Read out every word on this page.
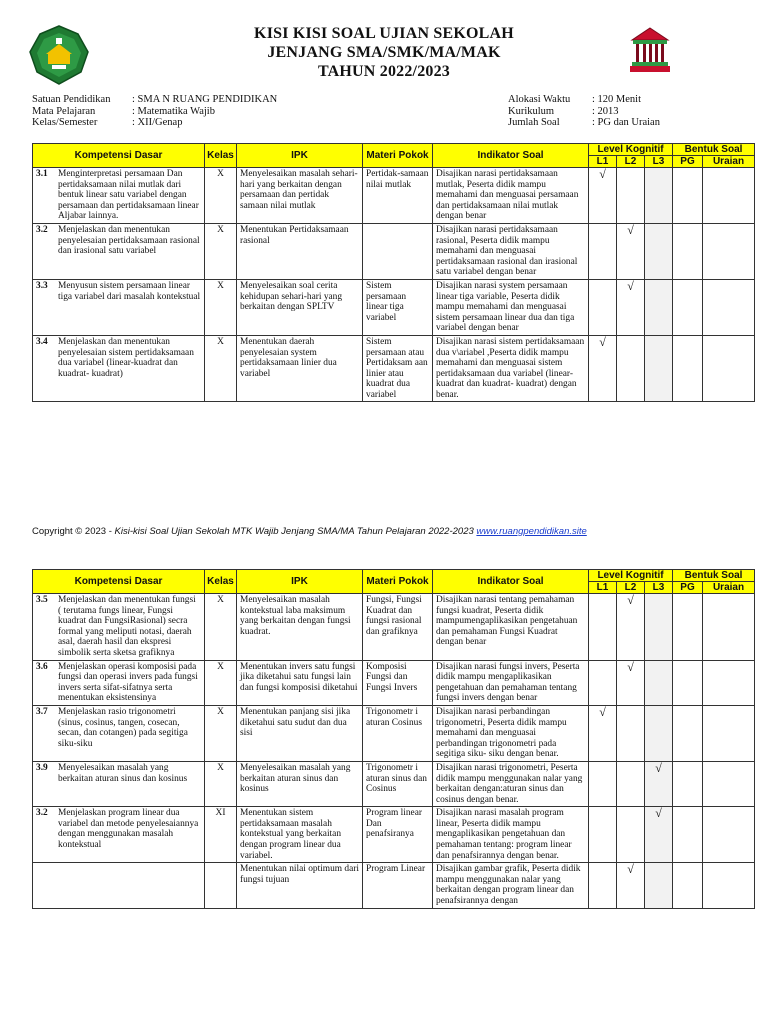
KISI KISI SOAL UJIAN SEKOLAH
JENJANG SMA/SMK/MA/MAK
TAHUN 2022/2023
Satuan Pendidikan	: SMA N RUANG PENDIDIKAN
Mata Pelajaran	: Matematika Wajib
Kelas/Semester	: XII/Genap
Alokasi Waktu	: 120 Menit
Kurikulum	: 2013
Jumlah Soal	: PG dan Uraian
Kompetensi Dasar	Kelas	IPK	Materi Pokok	Indikator Soal	Level Kognitif			Bentuk Soal	
					L1	L2	L3	PG	Uraian

3.1 Menginterpretasi persamaan Dan pertidaksamaan nilai mutlak dari bentuk linear satu variabel dengan persamaan dan pertidaksamaan linear Aljabar lainnya.	X	Menyelesaikan masalah sehari-hari yang berkaitan dengan persamaan dan pertidak samaan nilai mutlak	Pertidak-samaan nilai mutlak	Disajikan narasi pertidaksamaan mutlak, Peserta didik mampu memahami dan menguasai persamaan dan pertidaksamaan nilai mutlak dengan benar	√				

3.2 Menjelaskan dan menentukan penyelesaian pertidaksamaan rasional dan irasional satu variabel	X	Menentukan Pertidaksamaan rasional		Disajikan narasi pertidaksamaan rasional, Peserta didik mampu memahami dan menguasai pertidaksamaan rasional dan irasional satu variabel dengan benar		√			

3.3 Menyusun sistem persamaan linear tiga variabel dari masalah kontekstual	X	Menyelesaikan soal cerita kehidupan sehari-hari yang berkaitan dengan SPLTV	Sistem persamaan linear tiga variabel	Disajikan narasi system persamaan linear tiga variable, Peserta didik mampu memahami dan menguasai sistem persamaan linear dua dan tiga variabel dengan benar		√			

3.4 Menjelaskan dan menentukan penyelesaian sistem pertidaksamaan dua variabel (linear-kuadrat dan kuadrat- kuadrat)	X	Menentukan daerah penyelesaian system pertidaksamaan linier dua variabel	Sistem persamaan atau Pertidaksam aan linier atau kuadrat dua variabel	Disajikan narasi sistem pertidaksamaan dua v\ariabel ,Peserta didik mampu memahami dan menguasai sistem pertidaksamaan dua variabel (linear-kuadrat dan kuadrat- kuadrat) dengan benar.	√				
Copyright © 2023 - Kisi-kisi Soal Ujian Sekolah MTK Wajib Jenjang SMA/MA Tahun Pelajaran 2022-2023 www.ruangpendidikan.site
Kompetensi Dasar	Kelas	IPK	Materi Pokok	Indikator Soal	Level Kognitif			Bentuk Soal	
					L1	L2	L3	PG	Uraian

3.5 Menjelaskan dan menentukan fungsi ( terutama fungs linear, Fungsi kuadrat dan FungsiRasional) secra formal yang meliputi notasi, daerah asal, daerah hasil dan ekspresi simbolik serta sketsa grafiknya	X	Menyelesaikan masalah kontekstual laba maksimum yang berkaitan dengan fungsi kuadrat.	Fungsi, Fungsi Kuadrat dan fungsi rasional dan grafiknya	Disajikan narasi tentang pemahaman fungsi kuadrat, Peserta didik mampumengaplikasikan pengetahuan dan pemahaman Fungsi Kuadrat dengan benar		√			

3.6 Menjelaskan operasi komposisi pada fungsi dan operasi invers pada fungsi invers serta sifat-sifatnya serta menentukan eksistensinya	X	Menentukan invers satu fungsi jika diketahui satu fungsi lain dan fungsi komposisi diketahui	Komposisi Fungsi dan Fungsi Invers	Disajikan narasi fungsi invers, Peserta didik mampu mengaplikasikan pengetahuan dan pemahaman tentang fungsi invers dengan benar		√			

3.7 Menjelaskan rasio trigonometri (sinus, cosinus, tangen, cosecan, secan, dan cotangen) pada segitiga siku-siku	X	Menentukan panjang sisi jika diketahui satu sudut dan dua sisi	Trigonometr i aturan Cosinus	Disajikan narasi perbandingan trigonometri, Peserta didik mampu memahami dan menguasai perbandingan trigonometri pada segitiga siku- siku dengan benar.	√				

3.9 Menyelesaikan masalah yang berkaitan aturan sinus dan kosinus	X	Menyelesaikan masalah yang berkaitan aturan sinus dan kosinus	Trigonometr i aturan sinus dan Cosinus	Disajikan narasi trigonometri, Peserta didik mampu menggunakan nalar yang berkaitan dengan:aturan sinus dan cosinus dengan benar.			√		

3.2 Menjelaskan program linear dua variabel dan metode penyelesaiannya dengan menggunakan masalah kontekstual	XI	Menentukan sistem pertidaksamaan masalah kontekstual yang berkaitan dengan program linear dua variabel.	Program linear Dan penafsiranya	Disajikan narasi masalah program linear, Peserta didik mampu mengaplikasikan pengetahuan dan pemahaman tentang: program linear dan penafsirannya dengan benar.			√		

		Menentukan nilai optimum dari fungsi tujuan	Program Linear	Disajikan gambar grafik, Peserta didik mampu menggunakan nalar yang berkaitan dengan program linear dan penafsirannya dengan		√			
